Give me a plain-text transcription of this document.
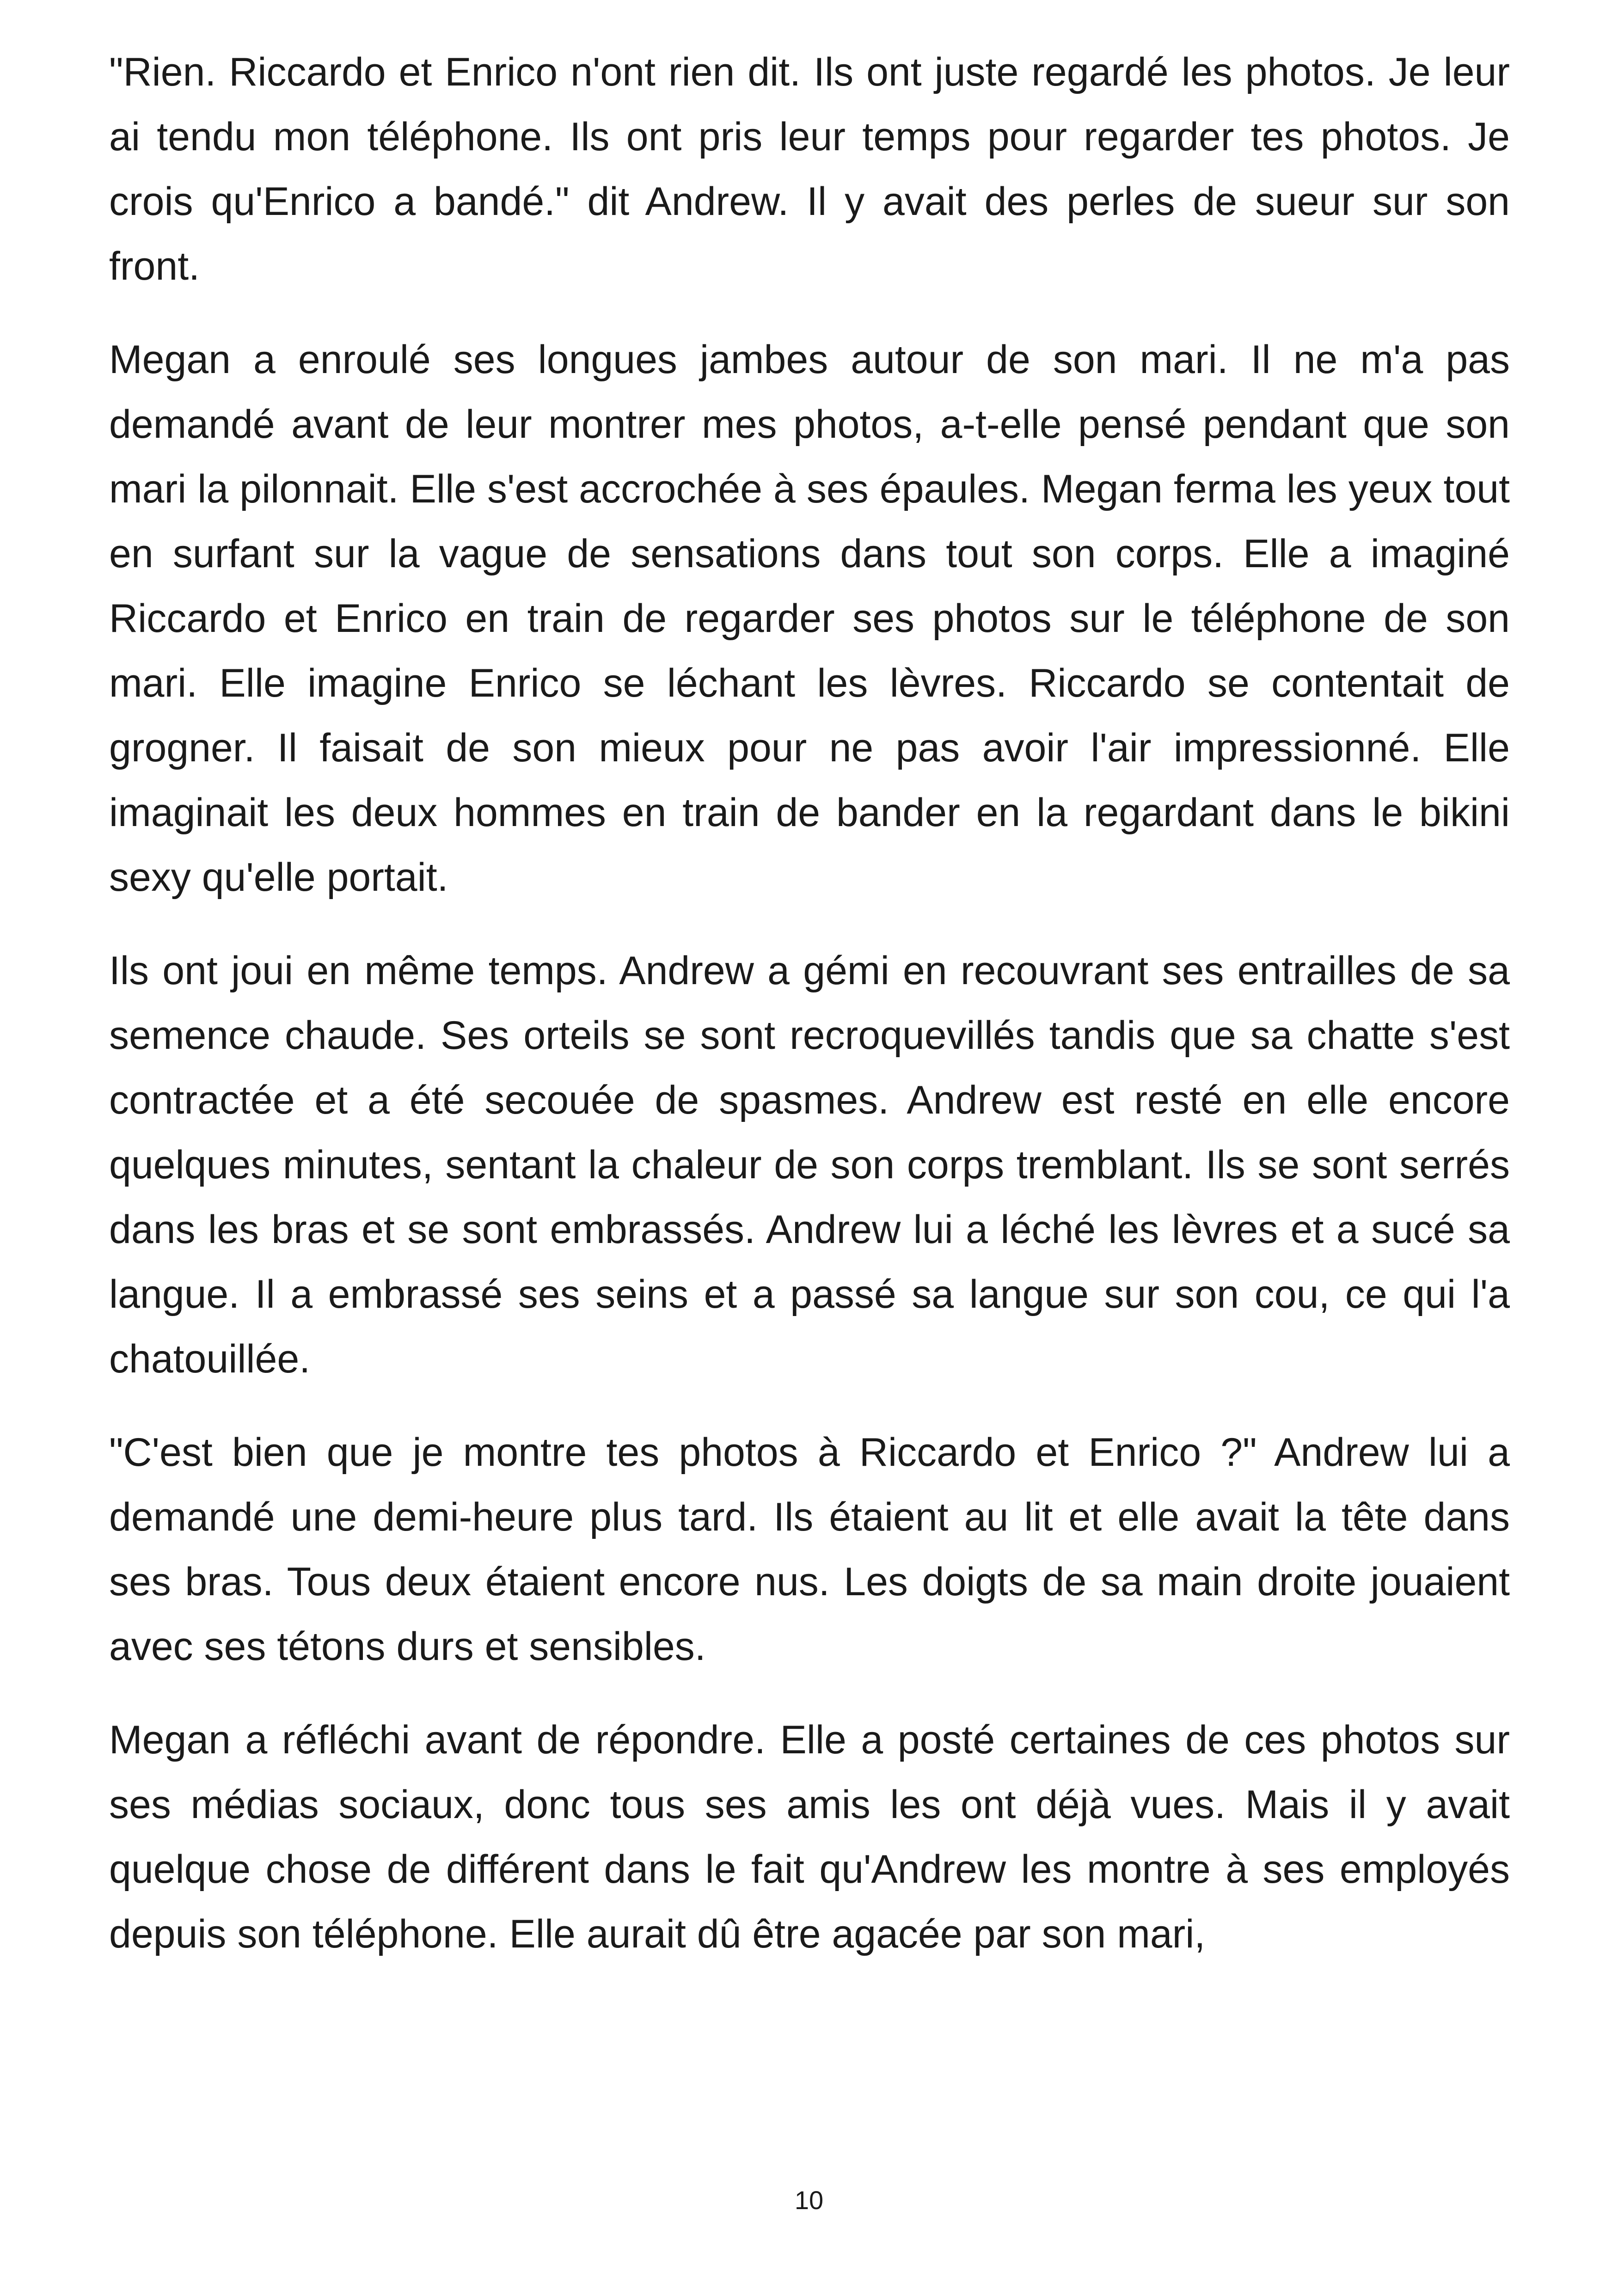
"Rien. Riccardo et Enrico n'ont rien dit. Ils ont juste regardé les photos. Je leur ai tendu mon téléphone. Ils ont pris leur temps pour regarder tes photos. Je crois qu'Enrico a bandé." dit Andrew. Il y avait des perles de sueur sur son front.

Megan a enroulé ses longues jambes autour de son mari. Il ne m'a pas demandé avant de leur montrer mes photos, a-t-elle pensé pendant que son mari la pilonnait. Elle s'est accrochée à ses épaules. Megan ferma les yeux tout en surfant sur la vague de sensations dans tout son corps. Elle a imaginé Riccardo et Enrico en train de regarder ses photos sur le téléphone de son mari. Elle imagine Enrico se léchant les lèvres. Riccardo se contentait de grogner. Il faisait de son mieux pour ne pas avoir l'air impressionné. Elle imaginait les deux hommes en train de bander en la regardant dans le bikini sexy qu'elle portait.

Ils ont joui en même temps. Andrew a gémi en recouvrant ses entrailles de sa semence chaude. Ses orteils se sont recroquevillés tandis que sa chatte s'est contractée et a été secouée de spasmes. Andrew est resté en elle encore quelques minutes, sentant la chaleur de son corps tremblant. Ils se sont serrés dans les bras et se sont embrassés. Andrew lui a léché les lèvres et a sucé sa langue. Il a embrassé ses seins et a passé sa langue sur son cou, ce qui l'a chatouillée.

"C'est bien que je montre tes photos à Riccardo et Enrico ?" Andrew lui a demandé une demi-heure plus tard. Ils étaient au lit et elle avait la tête dans ses bras. Tous deux étaient encore nus. Les doigts de sa main droite jouaient avec ses tétons durs et sensibles.

Megan a réfléchi avant de répondre. Elle a posté certaines de ces photos sur ses médias sociaux, donc tous ses amis les ont déjà vues. Mais il y avait quelque chose de différent dans le fait qu'Andrew les montre à ses employés depuis son téléphone. Elle aurait dû être agacée par son mari,

10
